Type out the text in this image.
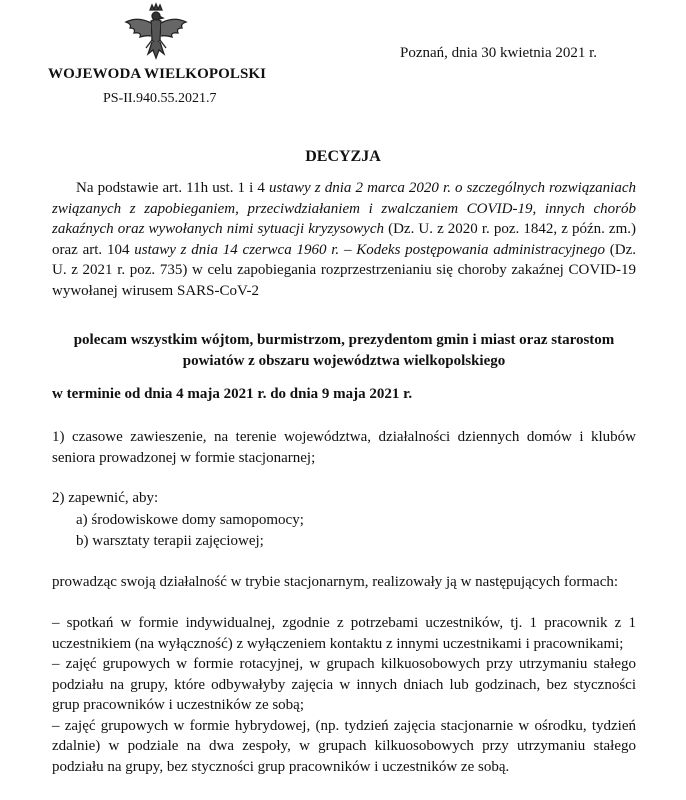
WOJEWODA WIELKOPOLSKI
PS-II.940.55.2021.7
Poznań, dnia 30 kwietnia 2021 r.
DECYZJA
Na podstawie art. 11h ust. 1 i 4 ustawy z dnia 2 marca 2020 r. o szczególnych rozwiązaniach związanych z zapobieganiem, przeciwdziałaniem i zwalczaniem COVID-19, innych chorób zakaźnych oraz wywołanych nimi sytuacji kryzysowych (Dz. U. z 2020 r. poz. 1842, z późn. zm.) oraz art. 104 ustawy z dnia 14 czerwca 1960 r. – Kodeks postępowania administracyjnego (Dz. U. z 2021 r. poz. 735) w celu zapobiegania rozprzestrzenianiu się choroby zakaźnej COVID-19 wywołanej wirusem SARS-CoV-2
polecam wszystkim wójtom, burmistrzom, prezydentom gmin i miast oraz starostom powiatów z obszaru województwa wielkopolskiego
w terminie od dnia 4 maja 2021 r. do dnia 9 maja 2021 r.
1) czasowe zawieszenie, na terenie województwa, działalności dziennych domów i klubów seniora prowadzonej w formie stacjonarnej;
2) zapewnić, aby:
a) środowiskowe domy samopomocy;
b) warsztaty terapii zajęciowej;
prowadząc swoją działalność w trybie stacjonarnym, realizowały ją w następujących formach:
– spotkań w formie indywidualnej, zgodnie z potrzebami uczestników, tj. 1 pracownik z 1 uczestnikiem (na wyłączność) z wyłączeniem kontaktu z innymi uczestnikami i pracownikami;
– zajęć grupowych w formie rotacyjnej, w grupach kilkuosobowych przy utrzymaniu stałego podziału na grupy, które odbywałyby zajęcia w innych dniach lub godzinach, bez styczności grup pracowników i uczestników ze sobą;
– zajęć grupowych w formie hybrydowej, (np. tydzień zajęcia stacjonarnie w ośrodku, tydzień zdalnie) w podziale na dwa zespoły, w grupach kilkuosobowych przy utrzymaniu stałego podziału na grupy, bez styczności grup pracowników i uczestników ze sobą.
